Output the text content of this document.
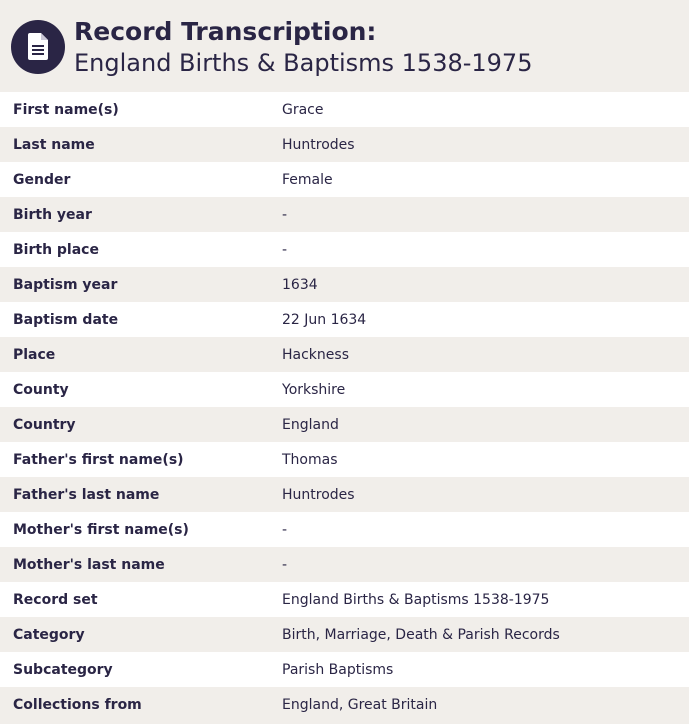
Record Transcription:
England Births & Baptisms 1538-1975
First name(s)	Grace
Last name	Huntrodes
Gender	Female
Birth year	-
Birth place	-
Baptism year	1634
Baptism date	22 Jun 1634
Place	Hackness
County	Yorkshire
Country	England
Father's first name(s)	Thomas
Father's last name	Huntrodes
Mother's first name(s)	-
Mother's last name	-
Record set	England Births & Baptisms 1538-1975
Category	Birth, Marriage, Death & Parish Records
Subcategory	Parish Baptisms
Collections from	England, Great Britain
